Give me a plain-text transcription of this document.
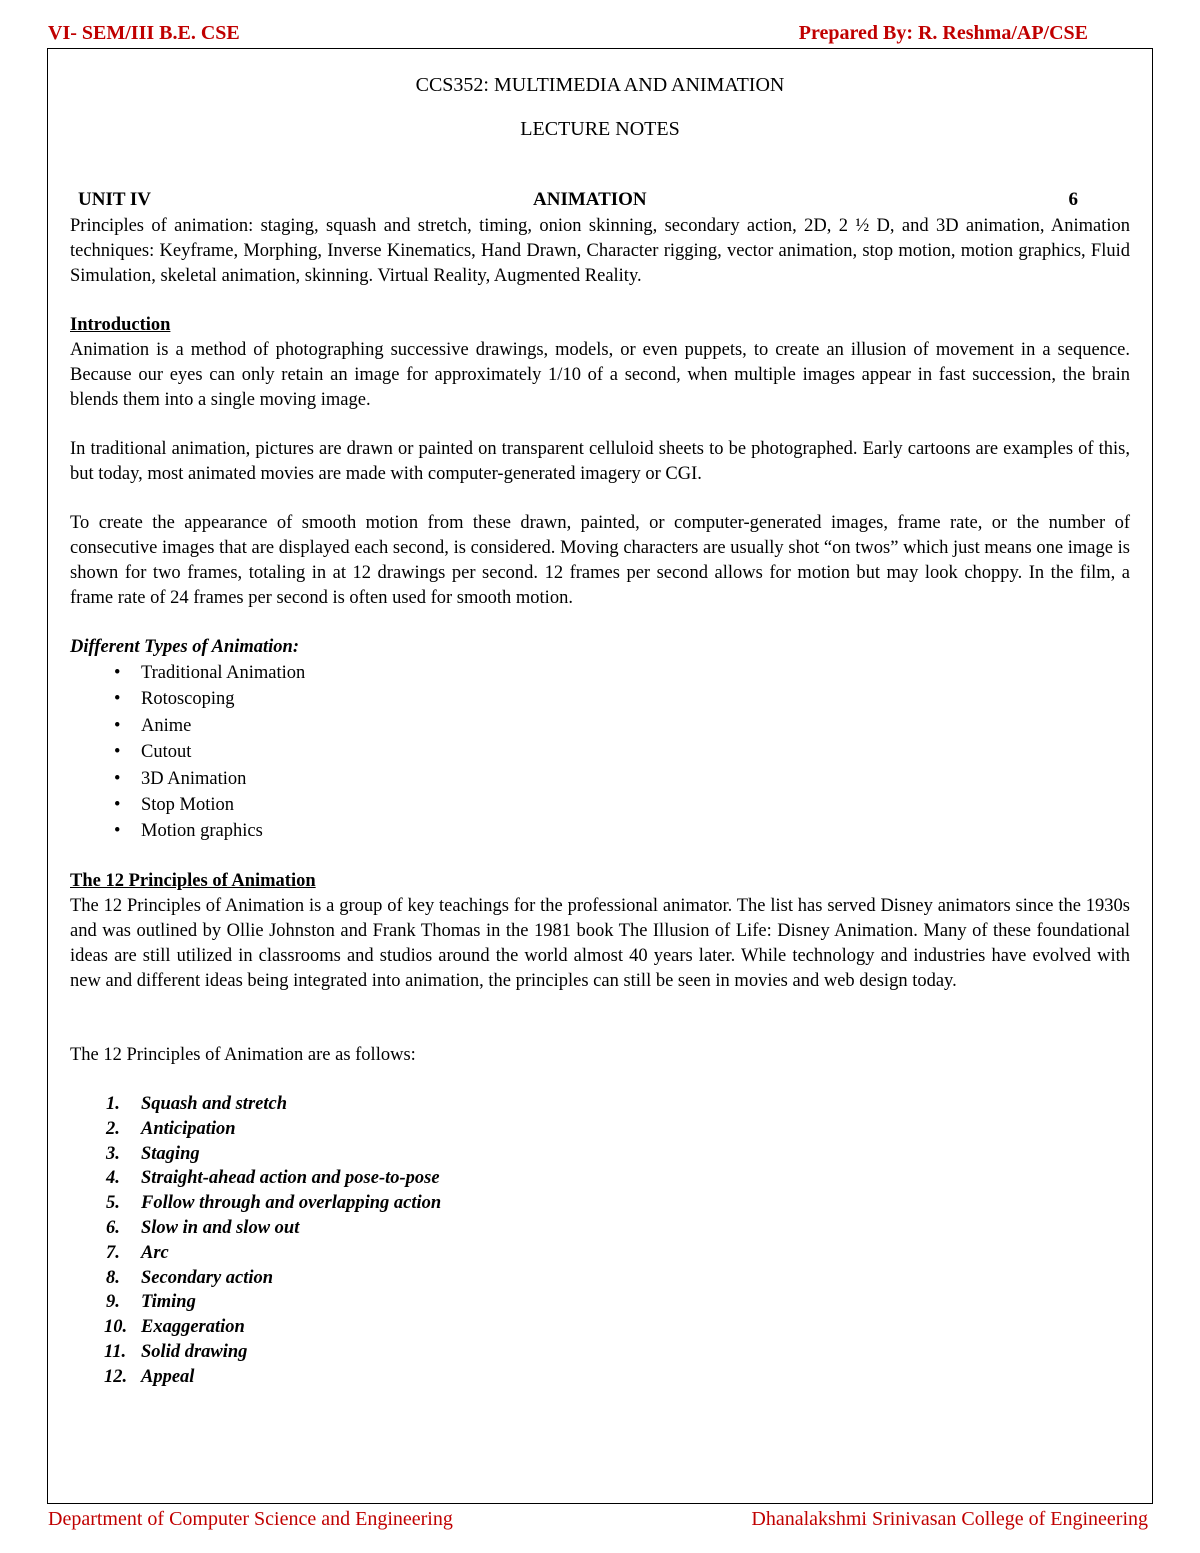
VI- SEM/III B.E. CSE	Prepared By: R. Reshma/AP/CSE
CCS352: MULTIMEDIA AND ANIMATION
LECTURE NOTES
UNIT IV	ANIMATION	6

Principles of animation: staging, squash and stretch, timing, onion skinning, secondary action, 2D, 2 ½ D, and 3D animation, Animation techniques: Keyframe, Morphing, Inverse Kinematics, Hand Drawn, Character rigging, vector animation, stop motion, motion graphics, Fluid Simulation, skeletal animation, skinning. Virtual Reality, Augmented Reality.

Introduction

Animation is a method of photographing successive drawings, models, or even puppets, to create an illusion of movement in a sequence. Because our eyes can only retain an image for approximately 1/10 of a second, when multiple images appear in fast succession, the brain blends them into a single moving image.

In traditional animation, pictures are drawn or painted on transparent celluloid sheets to be photographed. Early cartoons are examples of this, but today, most animated movies are made with computer-generated imagery or CGI.

To create the appearance of smooth motion from these drawn, painted, or computer-generated images, frame rate, or the number of consecutive images that are displayed each second, is considered. Moving characters are usually shot “on twos” which just means one image is shown for two frames, totaling in at 12 drawings per second. 12 frames per second allows for motion but may look choppy. In the film, a frame rate of 24 frames per second is often used for smooth motion.

Different Types of Animation:
• Traditional Animation
• Rotoscoping
• Anime
• Cutout
• 3D Animation
• Stop Motion
• Motion graphics
The 12 Principles of Animation

The 12 Principles of Animation is a group of key teachings for the professional animator. The list has served Disney animators since the 1930s and was outlined by Ollie Johnston and Frank Thomas in the 1981 book The Illusion of Life: Disney Animation. Many of these foundational ideas are still utilized in classrooms and studios around the world almost 40 years later. While technology and industries have evolved with new and different ideas being integrated into animation, the principles can still be seen in movies and web design today.

The 12 Principles of Animation are as follows:

1. Squash and stretch
2. Anticipation
3. Staging
4. Straight-ahead action and pose-to-pose
5. Follow through and overlapping action
6. Slow in and slow out
7. Arc
8. Secondary action
9. Timing
10. Exaggeration
11. Solid drawing
12. Appeal
Department of Computer Science and Engineering	Dhanalakshmi Srinivasan College of Engineering
